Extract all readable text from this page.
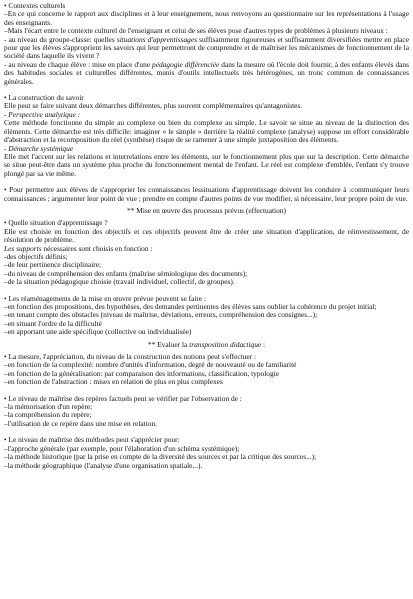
• Contextes culturels

–En ce qui concerne le rapport aux disciplines et à leur enseignement, nous renvoyons au questionnaire sur les représentations à l'usage des enseignants.

–Mais l'écart entre le contexte culturel de l'enseignant et celui de ses élèves pose d'autres types de problèmes à plusieurs niveaux :

- au niveau du groupe-classe: quelles situations d'apprentissages suffisamment rigoureuses et suffisamment diversifiées mettre en place pour que les élèves s'approprient les savoirs qui leur permettront de comprendre et de maîtriser les mécanismes de fonctionnement de la société dans laquelle ils vivent ?

- au niveau de chaque élève : mise en place d'une pédagogie différenciée dans la mesure où l'école doit fournir, à des enfants élevés dans des habitudes sociales et culturelles différentes, munis d'outils intellectuels très hétérogènes, un tronc commun de connaissances générales.

• La construction du savoir

Elle peut se faire suivant deux démarches différentes, plus souvent complémentaires qu'antagonistes.

- Perspective analytique :

Cette méthode fonctionne du simple au complexe ou bien du complexe au simple. Le savoir se situe au niveau de la distinction des éléments. Cette démarche est très difficile: imaginer « le simple » derrière la réalité complexe (analyse) suppose un effort considérable d'abstraction et la recomposition du réel (synthèse) risque de se ramener à une simple juxtaposition des éléments.

- Démarche systémique

Elle met l'accent sur les relations et interrelations entre les éléments, sur le fonctionnement plus que sur la description. Cette démarche se situe peut-être dans un système plus proche du fonctionnement mental de l'enfant. Le réel est complexe d'emblée, l'enfant s'y trouve plongé par sa vie même.

• Pour permettre aux élèves de s'approprier les connaissances lessituations d'apprentissage doivent les conduire à :communiquer leurs connaissances ; argumenter leur point de vue ; prendre en compte d'autres points de vue modifier, si nécessaire, leur propre point de vue.

** Mise en œuvre des processus prévus (effectuation)

• Quelle situation d'apprentissage ?

Elle est choisie en fonction des objectifs et ces objectifs peuvent être de créer une situation d'application, de réinvestissement, de résolution de problème.

Les supports nécessaires sont choisis en fonction :

-des objectifs définis;

–de leur pertinence disciplinaire;

–du niveau de compréhension des enfants (maîtrise sémiologique des documents);

–de la situation pédagogique choisie (travail individuel, collectif, de groupes).

• Les réaménagements de la mise en œuvre prévue peuvent se faire :

–en fonction des propositions, des hypothèses, des demandes pertinentes des élèves sans oublier la cohérence du projet initial;

–en tenant compte des obstacles (niveau de maîtrise, déviations, erreurs, compréhension des consignes...);

–en situant l'ordre de la difficulté

–en apportant une aide spécifique (collective ou individualisée)

** Evaluer la transposition didactique :

• La mesure, l'appréciation, du niveau de la construction des notions peut s'effectuer :

–en fonction de la complexité: nombre d'unités d'information, degré de nouveauté ou de familiarité

–en fonction de la généralisation: par comparaison des informations, classification, typologie

–en fonction de l'abstraction : mises en relation de plus en plus complexes

• Le niveau de maîtrise des repères factuels peut se vérifier par l'observation de :

–la mémorisation d'un repère;

–la compréhension du repère;

–l'utilisation de ce repère dans une mise en relation.

• Le niveau de maîtrise des méthodes peut s'apprécier pour:

–l'approche générale (par exemple, pour l'élaboration d'un schéma systémique);

–la méthode historique (par la prise en compte de la diversité des sources et par la critique des sources...);

–la méthode géographique (l'analyse d'une organisation spatiale...).
